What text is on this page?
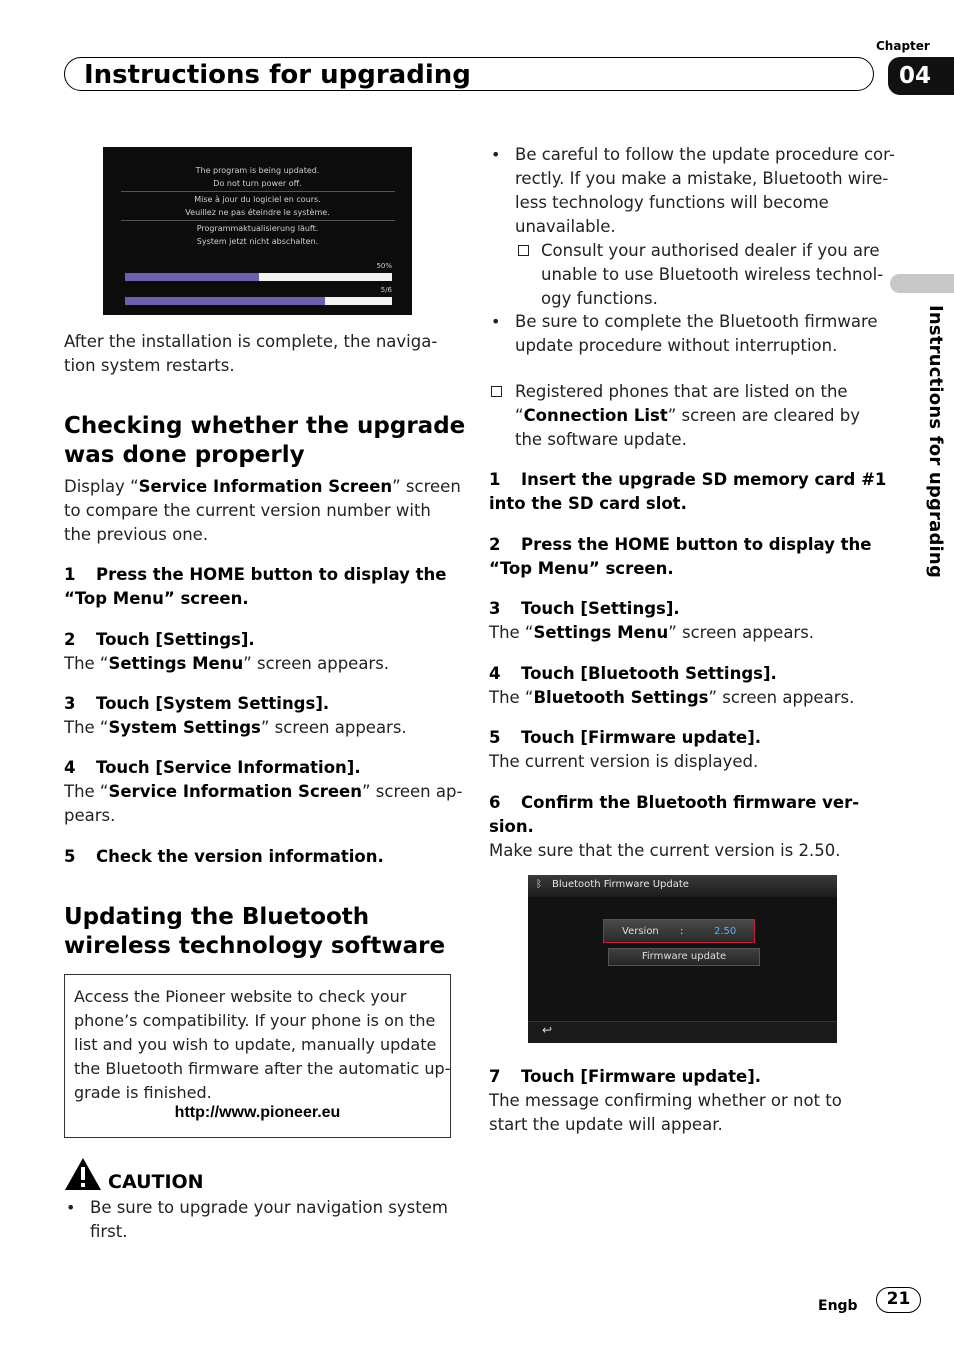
Chapter
Instructions for upgrading	04
Instructions for upgrading
The program is being updated.
Do not turn power off.
Mise à jour du logiciel en cours.
Veuillez ne pas éteindre le système.
Programmaktualisierung läuft.
System jetzt nicht abschalten.
50%
5/6
After the installation is complete, the naviga-
tion system restarts.
Checking whether the upgrade
was done properly
Display “Service Information Screen” screen
to compare the current version number with
the previous one.
1 Press the HOME button to display the
“Top Menu” screen.
2 Touch [Settings].
The “Settings Menu” screen appears.
3 Touch [System Settings].
The “System Settings” screen appears.
4 Touch [Service Information].
The “Service Information Screen” screen ap-
pears.
5 Check the version information.
Updating the Bluetooth
wireless technology software
Access the Pioneer website to check your
phone’s compatibility. If your phone is on the
list and you wish to update, manually update
the Bluetooth firmware after the automatic up-
grade is finished.
http://www.pioneer.eu
CAUTION
• Be sure to upgrade your navigation system
first.
• Be careful to follow the update procedure cor-
rectly. If you make a mistake, Bluetooth wire-
less technology functions will become
unavailable.
Consult your authorised dealer if you are
unable to use Bluetooth wireless technol-
ogy functions.
• Be sure to complete the Bluetooth firmware
update procedure without interruption.
Registered phones that are listed on the
“Connection List” screen are cleared by
the software update.
1 Insert the upgrade SD memory card #1
into the SD card slot.
2 Press the HOME button to display the
“Top Menu” screen.
3 Touch [Settings].
The “Settings Menu” screen appears.
4 Touch [Bluetooth Settings].
The “Bluetooth Settings” screen appears.
5 Touch [Firmware update].
The current version is displayed.
6 Confirm the Bluetooth firmware ver-
sion.
Make sure that the current version is 2.50.
ᛒ Bluetooth Firmware Update
Version :	2.50
Firmware update
↩
7 Touch [Firmware update].
The message confirming whether or not to
start the update will appear.
Engb	21
